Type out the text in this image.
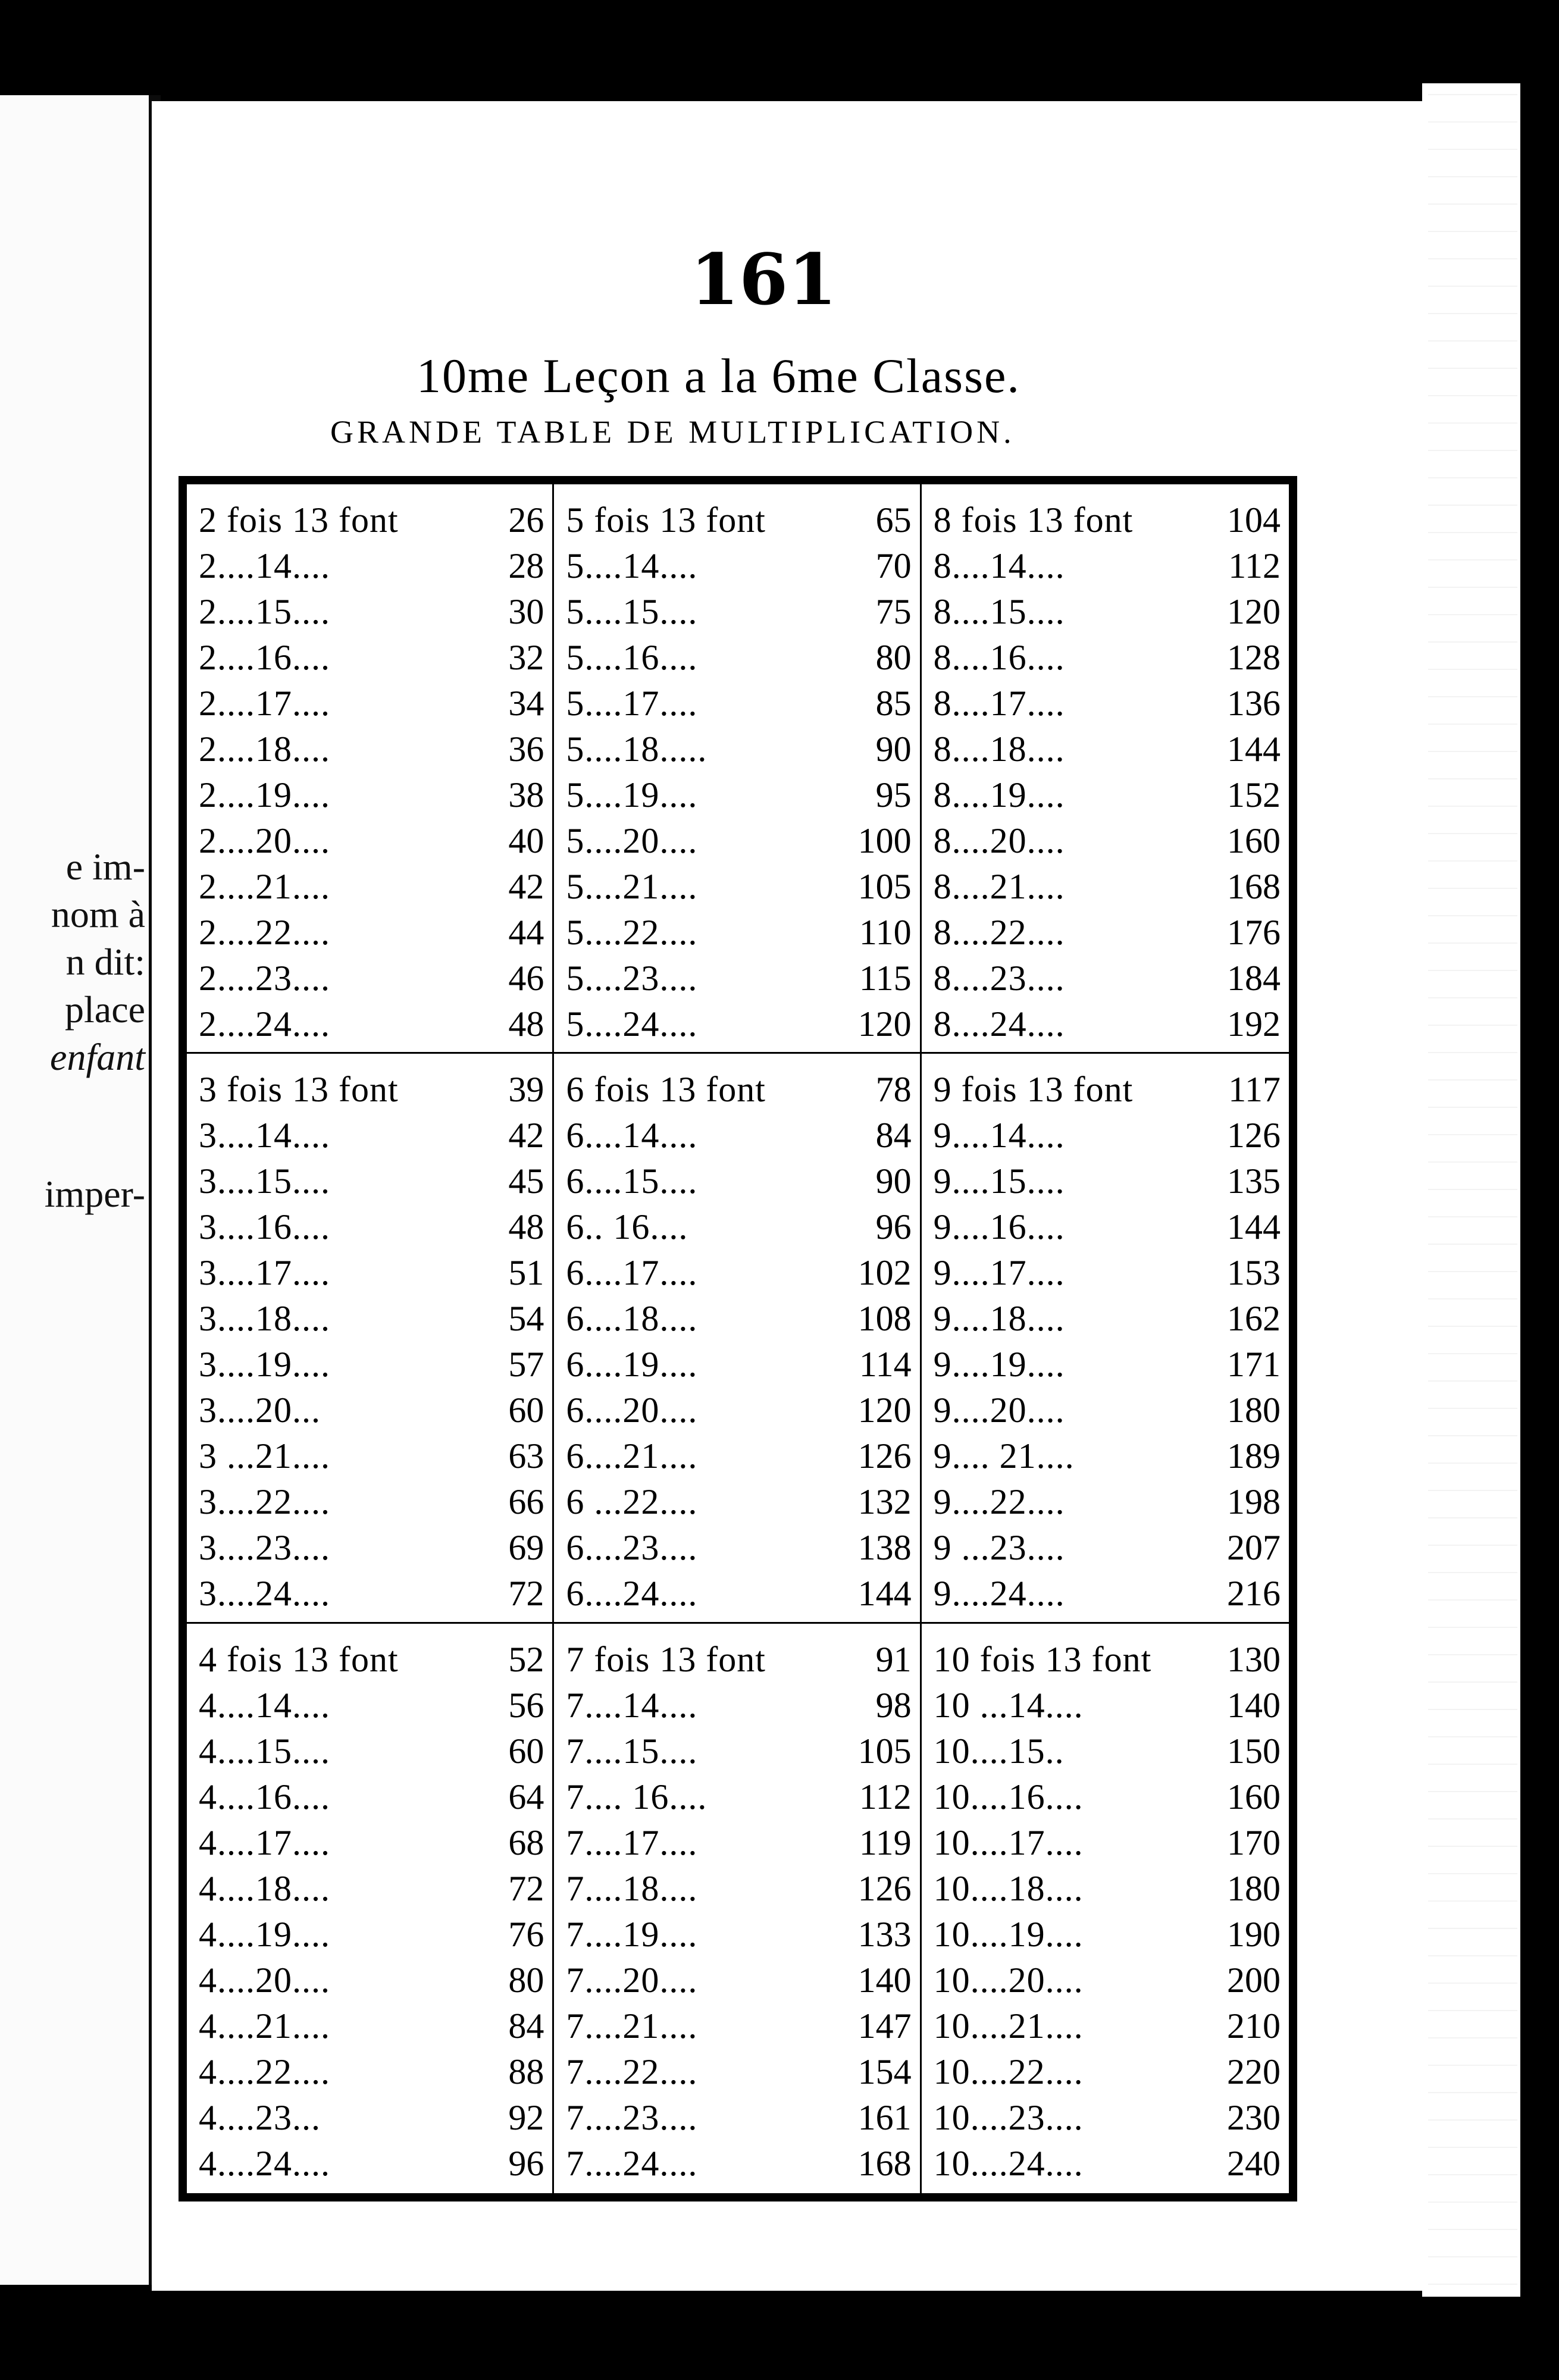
e im-
nom à
n dit:
place
enfant
imper-
161
10me Leçon a la 6me Classe.
GRANDE TABLE DE MULTIPLICATION.
2 fois 13 font	26
2....14....	28
2....15....	30
2....16....	32
2....17....	34
2....18....	36
2....19....	38
2....20....	40
2....21....	42
2....22....	44
2....23....	46
2....24....	48
5 fois 13 font	65
5....14....	70
5....15....	75
5....16....	80
5....17....	85
5....18.....	90
5....19....	95
5....20....	100
5....21....	105
5....22....	110
5....23....	115
5....24....	120
8 fois 13 font	104
8....14....	112
8....15....	120
8....16....	128
8....17....	136
8....18....	144
8....19....	152
8....20....	160
8....21....	168
8....22....	176
8....23....	184
8....24....	192
3 fois 13 font	39
3....14....	42
3....15....	45
3....16....	48
3....17....	51
3....18....	54
3....19....	57
3....20...	60
3 ...21....	63
3....22....	66
3....23....	69
3....24....	72
6 fois 13 font	78
6....14....	84
6....15....	90
6.. 16....	96
6....17....	102
6....18....	108
6....19....	114
6....20....	120
6....21....	126
6 ...22....	132
6....23....	138
6....24....	144
9 fois 13 font	117
9....14....	126
9....15....	135
9....16....	144
9....17....	153
9....18....	162
9....19....	171
9....20....	180
9.... 21....	189
9....22....	198
9 ...23....	207
9....24....	216
4 fois 13 font	52
4....14....	56
4....15....	60
4....16....	64
4....17....	68
4....18....	72
4....19....	76
4....20....	80
4....21....	84
4....22....	88
4....23...	92
4....24....	96
7 fois 13 font	91
7....14....	98
7....15....	105
7.... 16....	112
7....17....	119
7....18....	126
7....19....	133
7....20....	140
7....21....	147
7....22....	154
7....23....	161
7....24....	168
10 fois 13 font 130
10 ...14....	140
10....15..	150
10....16....	160
10....17....	170
10....18....	180
10....19....	190
10....20....	200
10....21....	210
10....22....	220
10....23....	230
10....24....	240
